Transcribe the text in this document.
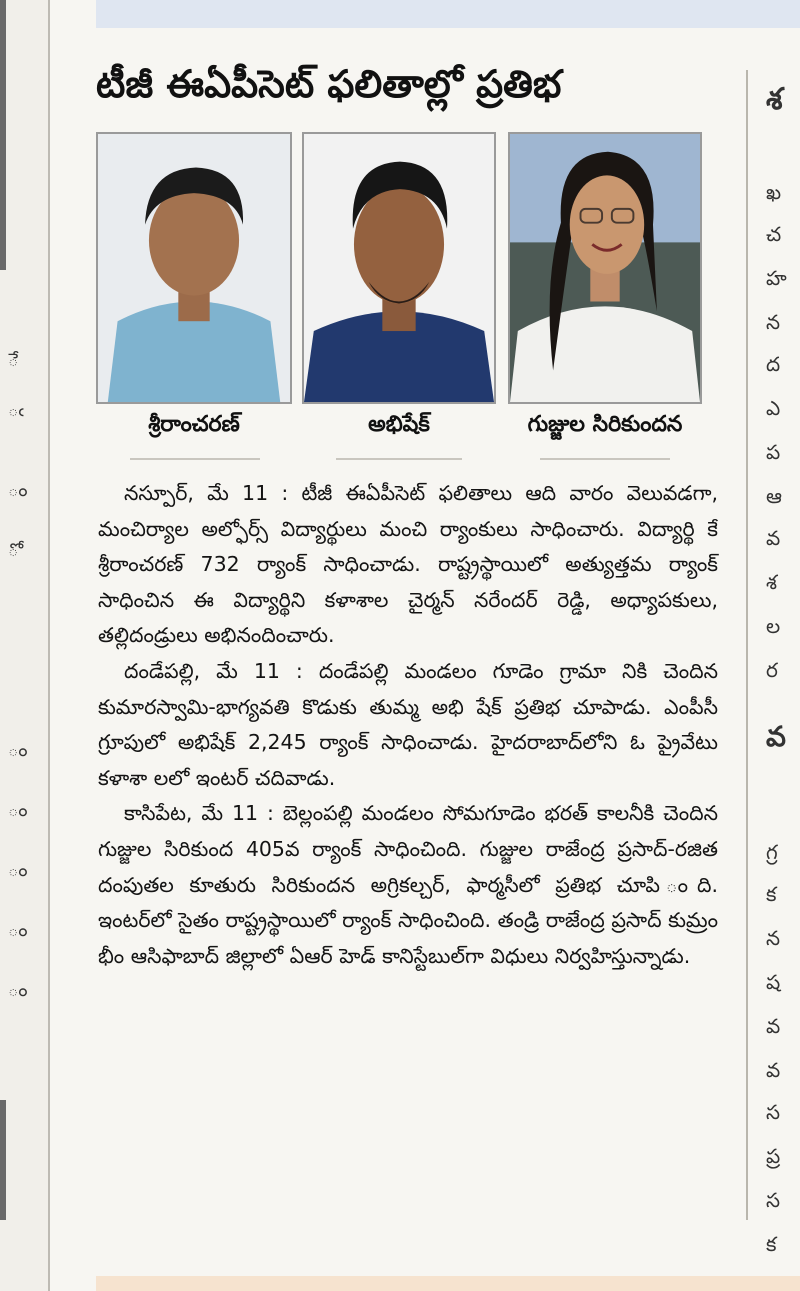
ే
ఁ
ం
ో
ం
ం
ం
ం
ం
టీజీ ఈఏపీసెట్ ఫలితాల్లో ప్రతిభ
శ్రీరాంచరణ్	అభిషేక్	గుజ్జుల సిరికుందన

నస్పూర్, మే 11 : టీజీ ఈఏపీసెట్ ఫలితాలు ఆది వారం వెలువడగా, మంచిర్యాల అల్ఫోర్స్ విద్యార్థులు మంచి ర్యాంకులు సాధించారు. విద్యార్థి కే శ్రీరాంచరణ్ 732 ర్యాంక్ సాధించాడు. రాష్ట్రస్థాయిలో అత్యుత్తమ ర్యాంక్ సాధించిన ఈ విద్యార్థిని కళాశాల చైర్మన్ నరేందర్ రెడ్డి, అధ్యాపకులు, తల్లిదండ్రులు అభినందించారు.

దండేపల్లి, మే 11 : దండేపల్లి మండలం గూడెం గ్రామా నికి చెందిన కుమారస్వామి-భాగ్యవతి కొడుకు తుమ్మ అభి షేక్ ప్రతిభ చూపాడు. ఎంపీసీ గ్రూపులో అభిషేక్ 2,245 ర్యాంక్ సాధించాడు. హైదరాబాద్‌లోని ఓ ప్రైవేటు కళాశా లలో ఇంటర్ చదివాడు.

కాసిపేట, మే 11 : బెల్లంపల్లి మండలం సోమగూడెం భరత్ కాలనీకి చెందిన గుజ్జుల సిరికుంద 405వ ర్యాంక్ సాధించింది. గుజ్జుల రాజేంద్ర ప్రసాద్-రజిత దంపుతల కూతురు సిరికుందన అగ్రికల్చర్, ఫార్మసీలో ప్రతిభ చూపి ంది. ఇంటర్‌లో సైతం రాష్ట్రస్థాయిలో ర్యాంక్ సాధించింది. తండ్రి రాజేంద్ర ప్రసాద్ కుమ్రం భీం ఆసిఫాబాద్ జిల్లాలో ఏఆర్ హెడ్ కానిస్టేబుల్‌గా విధులు నిర్వహిస్తున్నాడు.

శ
ఖ
చ
హ
న
ద
ఎ
ప
ఆ
వ
శ
ల
ర
వ
గ్ర
క
న
ష
వ
వ
స
ప్ర
స
క
